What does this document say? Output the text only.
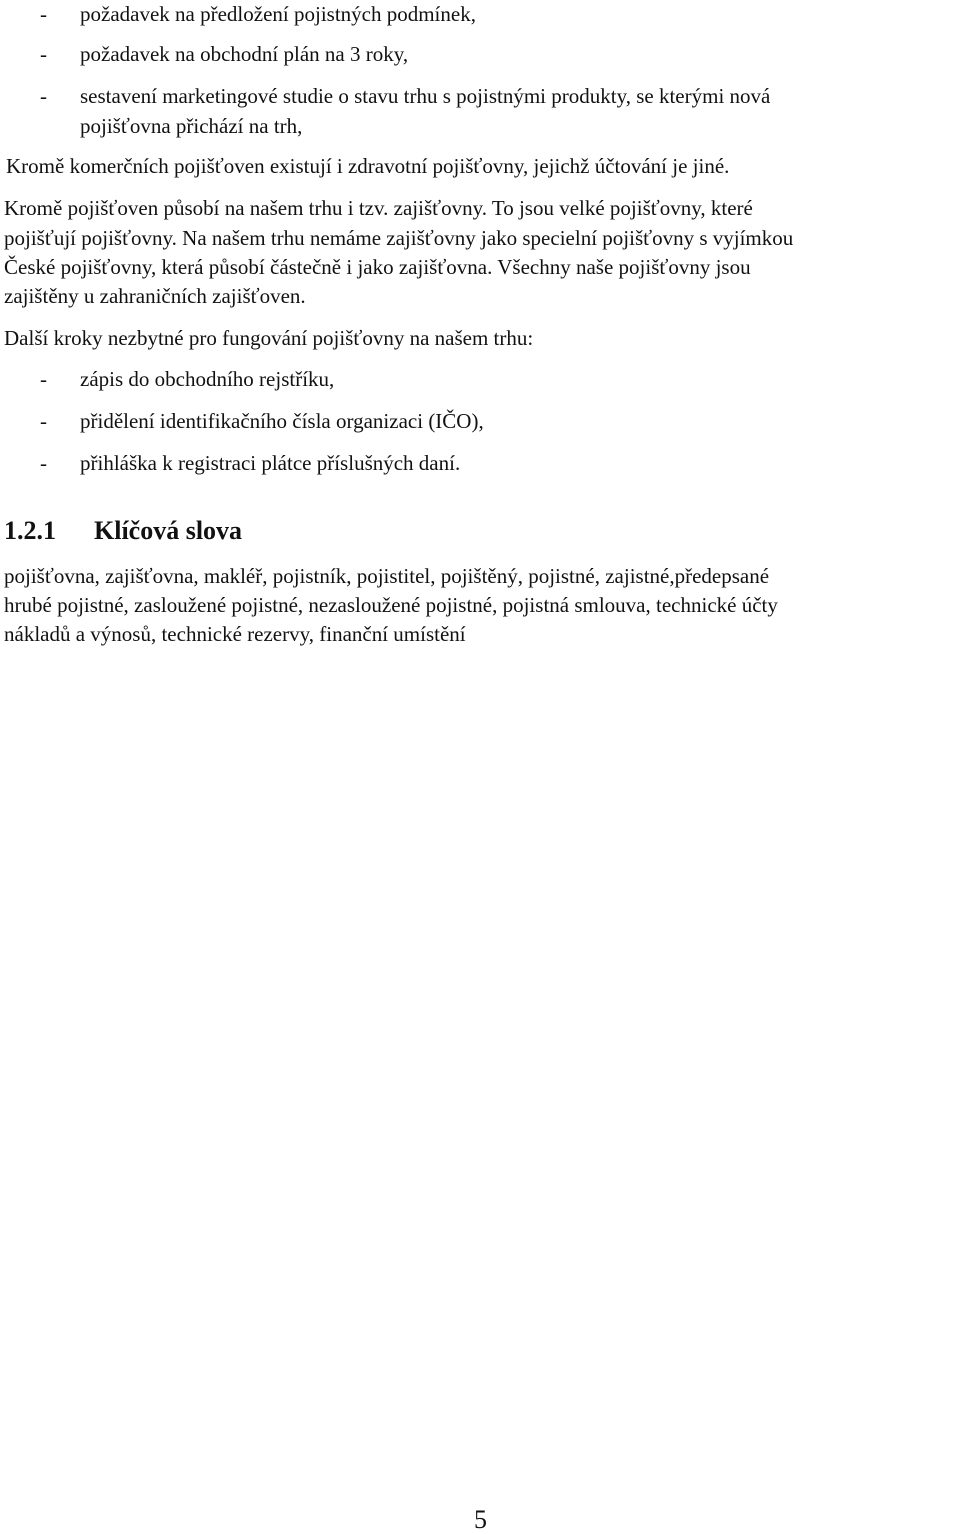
- požadavek na předložení pojistných podmínek,
- požadavek na obchodní plán na 3 roky,
- sestavení marketingové studie o stavu trhu s pojistnými produkty, se kterými nová
pojišťovna přichází na trh,
Kromě komerčních pojišťoven existují i zdravotní pojišťovny, jejichž účtování je jiné.
Kromě pojišťoven působí na našem trhu i tzv. zajišťovny. To jsou velké pojišťovny, které
pojišťují pojišťovny. Na našem trhu nemáme zajišťovny jako specielní pojišťovny s vyjímkou
České pojišťovny, která působí částečně i jako zajišťovna. Všechny naše pojišťovny jsou
zajištěny u zahraničních zajišťoven.
Další kroky nezbytné pro fungování pojišťovny na našem trhu:
- zápis do obchodního rejstříku,
- přidělení identifikačního čísla organizaci (IČO),
- přihláška k registraci plátce příslušných daní.
1.2.1 Klíčová slova
pojišťovna, zajišťovna, makléř, pojistník, pojistitel, pojištěný, pojistné, zajistné,předepsané
hrubé pojistné, zasloužené pojistné, nezasloužené pojistné, pojistná smlouva, technické účty
nákladů a výnosů, technické rezervy, finanční umístění
5
